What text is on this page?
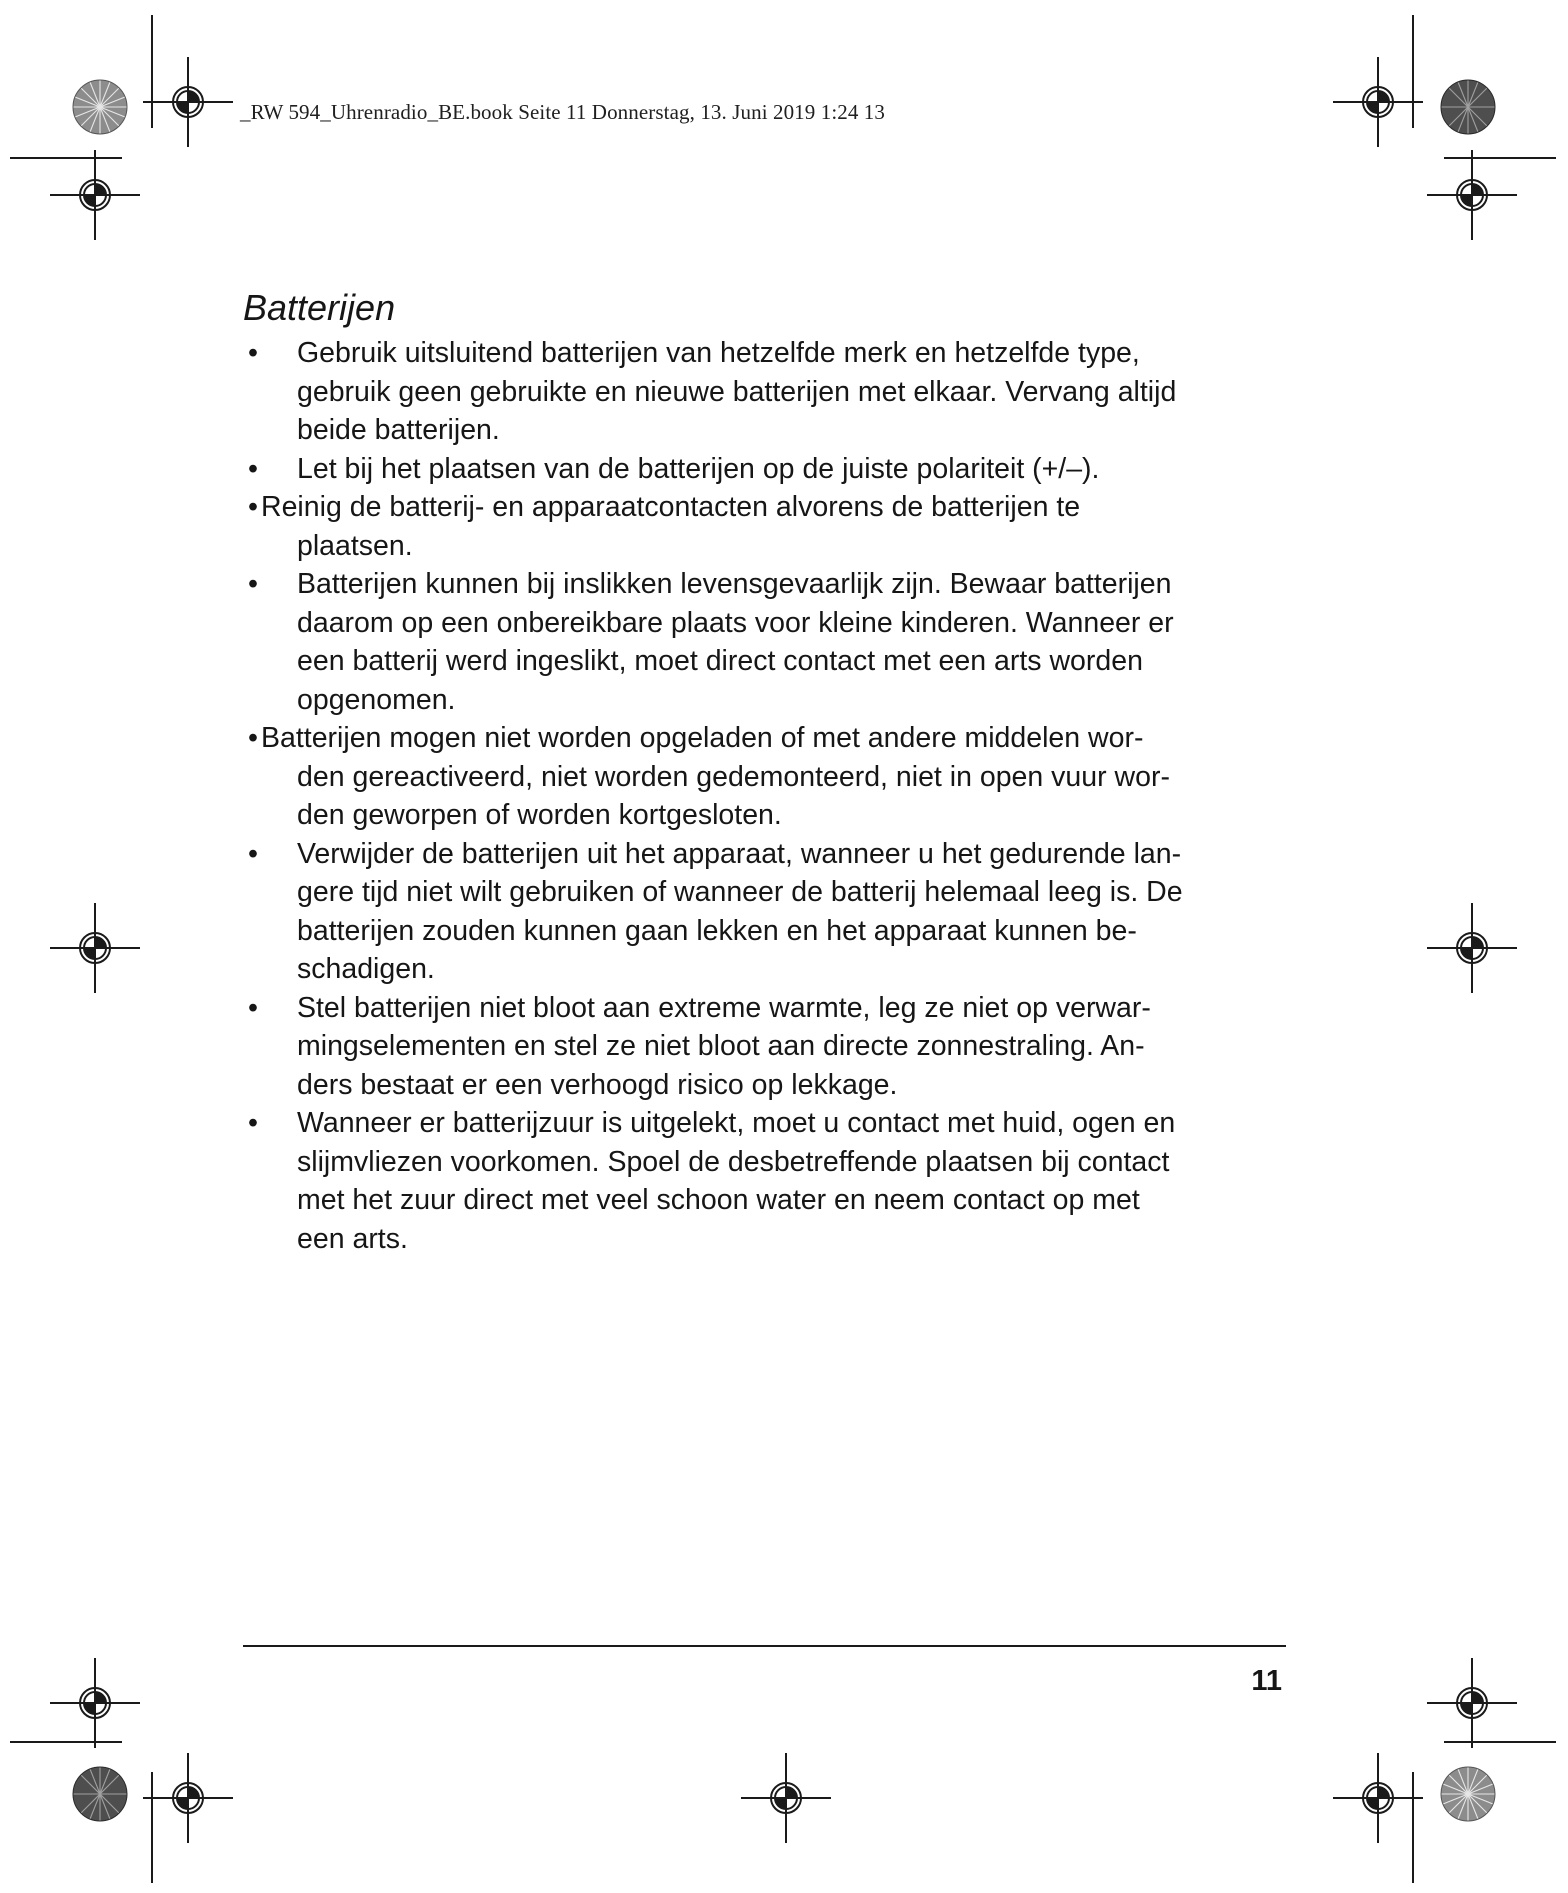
_RW 594_Uhrenradio_BE.book Seite 11 Donnerstag, 13. Juni 2019 1:24 13
Batterijen
• Gebruik uitsluitend batterijen van hetzelfde merk en hetzelfde type,
gebruik geen gebruikte en nieuwe batterijen met elkaar. Vervang altijd
beide batterijen.
• Let bij het plaatsen van de batterijen op de juiste polariteit (+/–).
• Reinig de batterij- en apparaatcontacten alvorens de batterijen te
plaatsen.
• Batterijen kunnen bij inslikken levensgevaarlijk zijn. Bewaar batterijen
daarom op een onbereikbare plaats voor kleine kinderen. Wanneer er
een batterij werd ingeslikt, moet direct contact met een arts worden
opgenomen.
• Batterijen mogen niet worden opgeladen of met andere middelen wor-
den gereactiveerd, niet worden gedemonteerd, niet in open vuur wor-
den geworpen of worden kortgesloten.
• Verwijder de batterijen uit het apparaat, wanneer u het gedurende lan-
gere tijd niet wilt gebruiken of wanneer de batterij helemaal leeg is. De
batterijen zouden kunnen gaan lekken en het apparaat kunnen be-
schadigen.
• Stel batterijen niet bloot aan extreme warmte, leg ze niet op verwar-
mingselementen en stel ze niet bloot aan directe zonnestraling. An-
ders bestaat er een verhoogd risico op lekkage.
• Wanneer er batterijzuur is uitgelekt, moet u contact met huid, ogen en
slijmvliezen voorkomen. Spoel de desbetreffende plaatsen bij contact
met het zuur direct met veel schoon water en neem contact op met
een arts.
11
